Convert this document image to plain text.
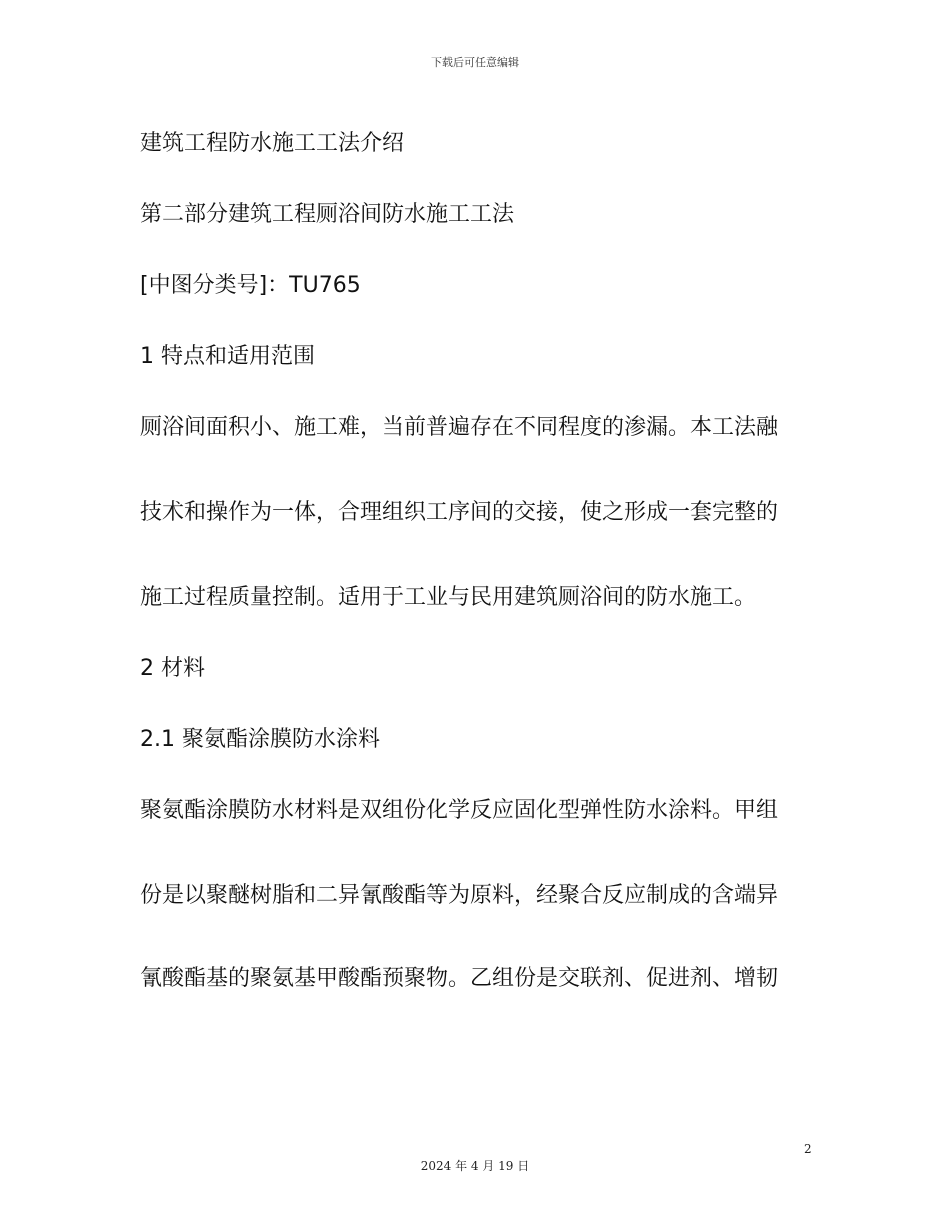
下载后可任意编辑
建筑工程防水施工工法介绍
第二部分建筑工程厕浴间防水施工工法
[中图分类号]：TU765
1 特点和适用范围
厕浴间面积小、施工难，当前普遍存在不同程度的渗漏。本工法融
技术和操作为一体，合理组织工序间的交接，使之形成一套完整的
施工过程质量控制。适用于工业与民用建筑厕浴间的防水施工。
2 材料
2.1 聚氨酯涂膜防水涂料
聚氨酯涂膜防水材料是双组份化学反应固化型弹性防水涂料。甲组
份是以聚醚树脂和二异氰酸酯等为原料，经聚合反应制成的含端异
氰酸酯基的聚氨基甲酸酯预聚物。乙组份是交联剂、促进剂、增韧
2
2024 年 4 月 19 日
